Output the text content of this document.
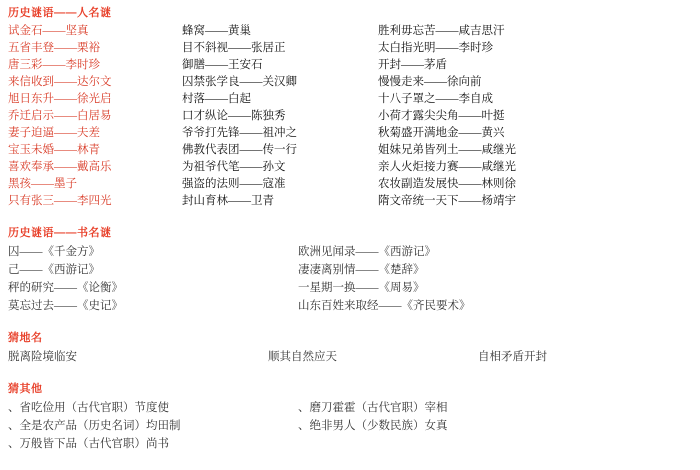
历史谜语——人名谜
试金石——坚真
五省丰登——栗裕
唐三彩——李时珍
来信收到——达尔文
旭日东升——徐光启
乔迁启示——白居易
妻子迫逼——夫差
宝玉未婚——林青
喜欢奉承——戴高乐
黑孩——墨子
只有张三——李四光
蜂窝——黄巢
目不斜视——张居正
御膳——王安石
囚禁张学良——关汉卿
村落——白起
口才纵论——陈独秀
爷爷打先锋——祖冲之
佛教代表团——传一行
为祖爷代笔——孙文
强盗的法则——寇准
封山育林——卫青
胜利毋忘苦——咸吉思汗
太白指光明——李时珍
开封——茅盾
慢慢走来——徐向前
十八子罩之——李自成
小荷才露尖尖角——叶挺
秋菊盛开满地金——黄兴
姐妹兄弟皆列土——咸继光
亲人火炬接力赛——咸继光
农妆副造发展快——林则徐
隋文帝统一天下——杨靖宇
历史谜语——书名谜
囚——《千金方》
己——《西游记》
秤的研究——《论衡》
莫忘过去——《史记》
欧洲见闻录——《西游记》
凄凄离别情——《楚辞》
一星期一换——《周易》
山东百姓来取经——《齐民要术》
猜地名
脱离险境临安	顺其自然应天	自相矛盾开封
猜其他
、省吃俭用（古代官职）节度使
、全是农产品（历史名词）均田制
、万般皆下品（古代官职）尚书
、磨刀霍霍（古代官职）宰相
、绝非男人（少数民族）女真
